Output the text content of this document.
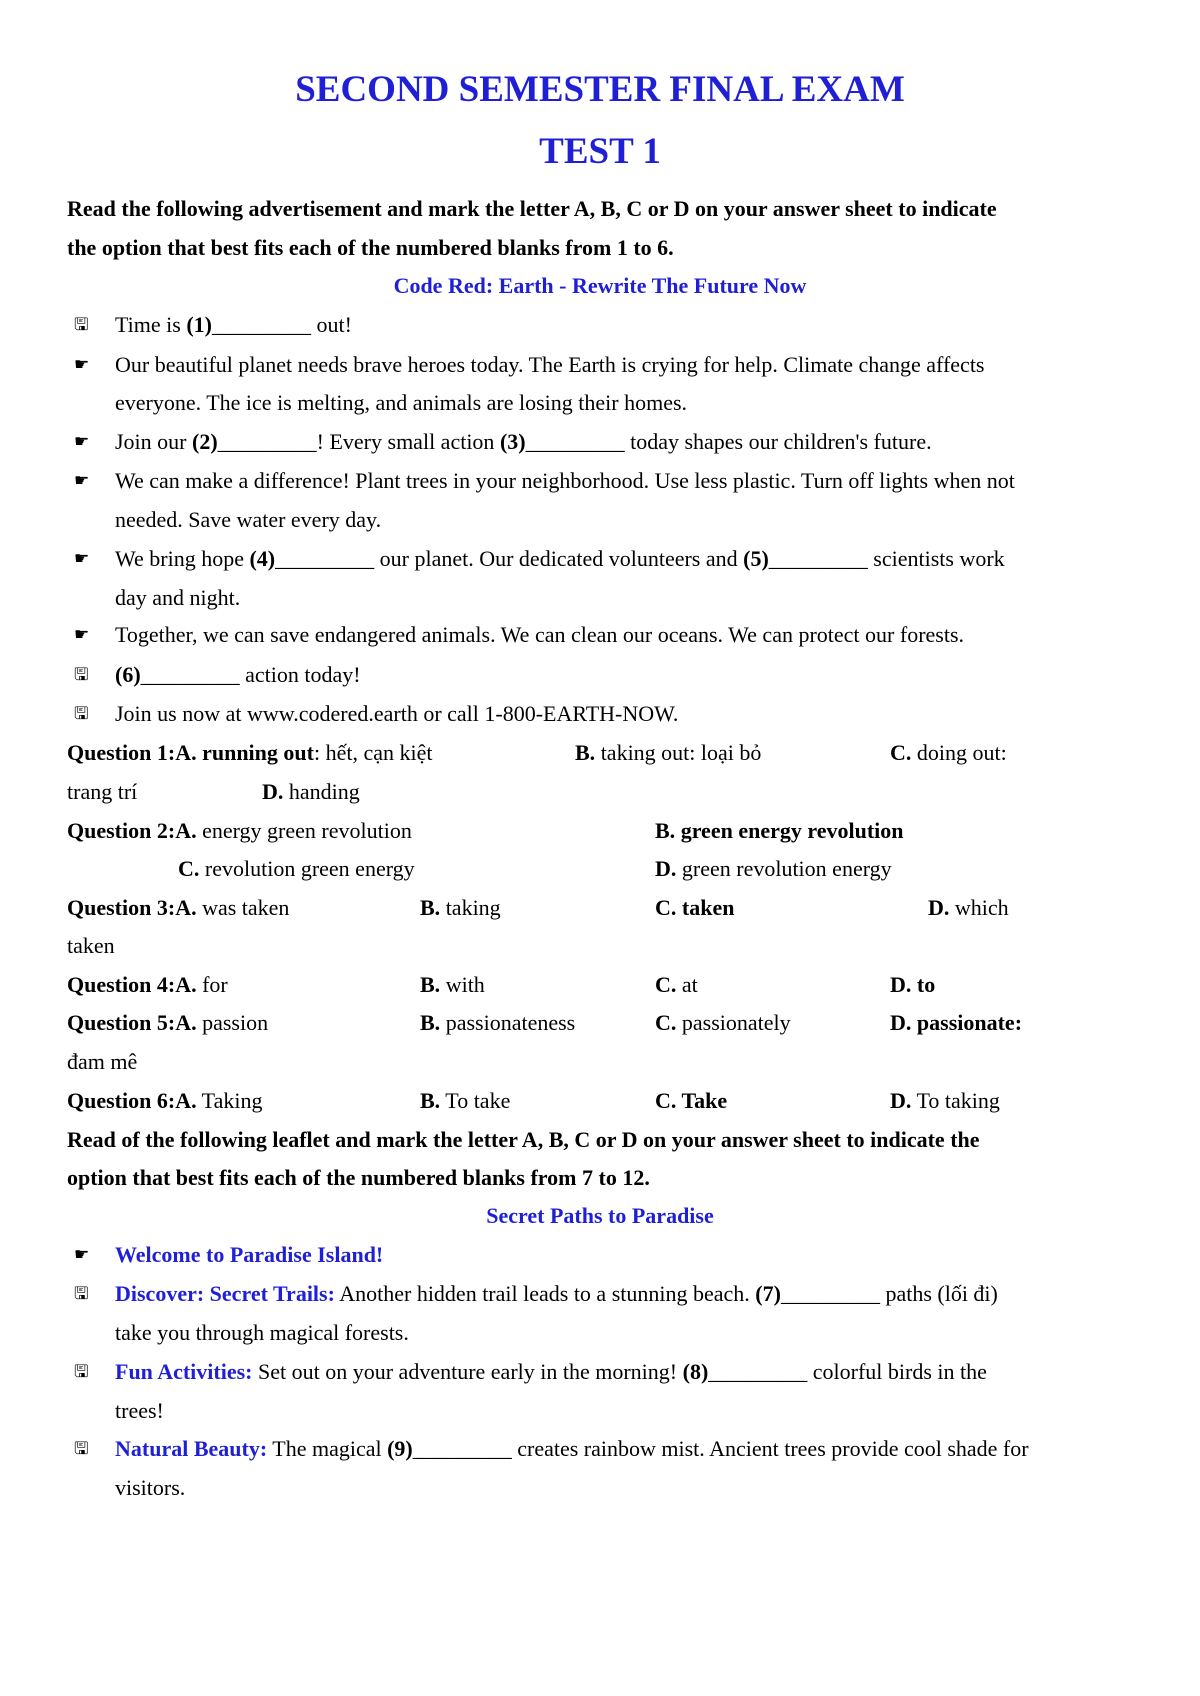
SECOND SEMESTER FINAL EXAM
TEST 1
Read the following advertisement and mark the letter A, B, C or D on your answer sheet to indicate
the option that best fits each of the numbered blanks from 1 to 6.
Code Red: Earth - Rewrite The Future Now
🖫 Time is (1)_________ out!
☛ Our beautiful planet needs brave heroes today. The Earth is crying for help. Climate change affects
everyone. The ice is melting, and animals are losing their homes.
☛ Join our (2)_________! Every small action (3)_________ today shapes our children's future.
☛ We can make a difference! Plant trees in your neighborhood. Use less plastic. Turn off lights when not
needed. Save water every day.
☛ We bring hope (4)_________ our planet. Our dedicated volunteers and (5)_________ scientists work
day and night.
☛ Together, we can save endangered animals. We can clean our oceans. We can protect our forests.
🖫 (6)_________ action today!
🖫 Join us now at www.codered.earth or call 1-800-EARTH-NOW.
Question 1:A. running out: hết, cạn kiệt	B. taking out: loại bỏ	C. doing out:
trang trí	D. handing
Question 2:A. energy green revolution	B. green energy revolution
C. revolution green energy	D. green revolution energy
Question 3:A. was taken	B. taking	C. taken	D. which
taken
Question 4:A. for	B. with	C. at	D. to
Question 5:A. passion	B. passionateness	C. passionately	D. passionate:
đam mê
Question 6:A. Taking	B. To take	C. Take	D. To taking
Read of the following leaflet and mark the letter A, B, C or D on your answer sheet to indicate the
option that best fits each of the numbered blanks from 7 to 12.
Secret Paths to Paradise
☛ Welcome to Paradise Island!
🖫 Discover: Secret Trails: Another hidden trail leads to a stunning beach. (7)_________ paths (lối đi)
take you through magical forests.
🖫 Fun Activities: Set out on your adventure early in the morning! (8)_________ colorful birds in the
trees!
🖫 Natural Beauty: The magical (9)_________ creates rainbow mist. Ancient trees provide cool shade for
visitors.
